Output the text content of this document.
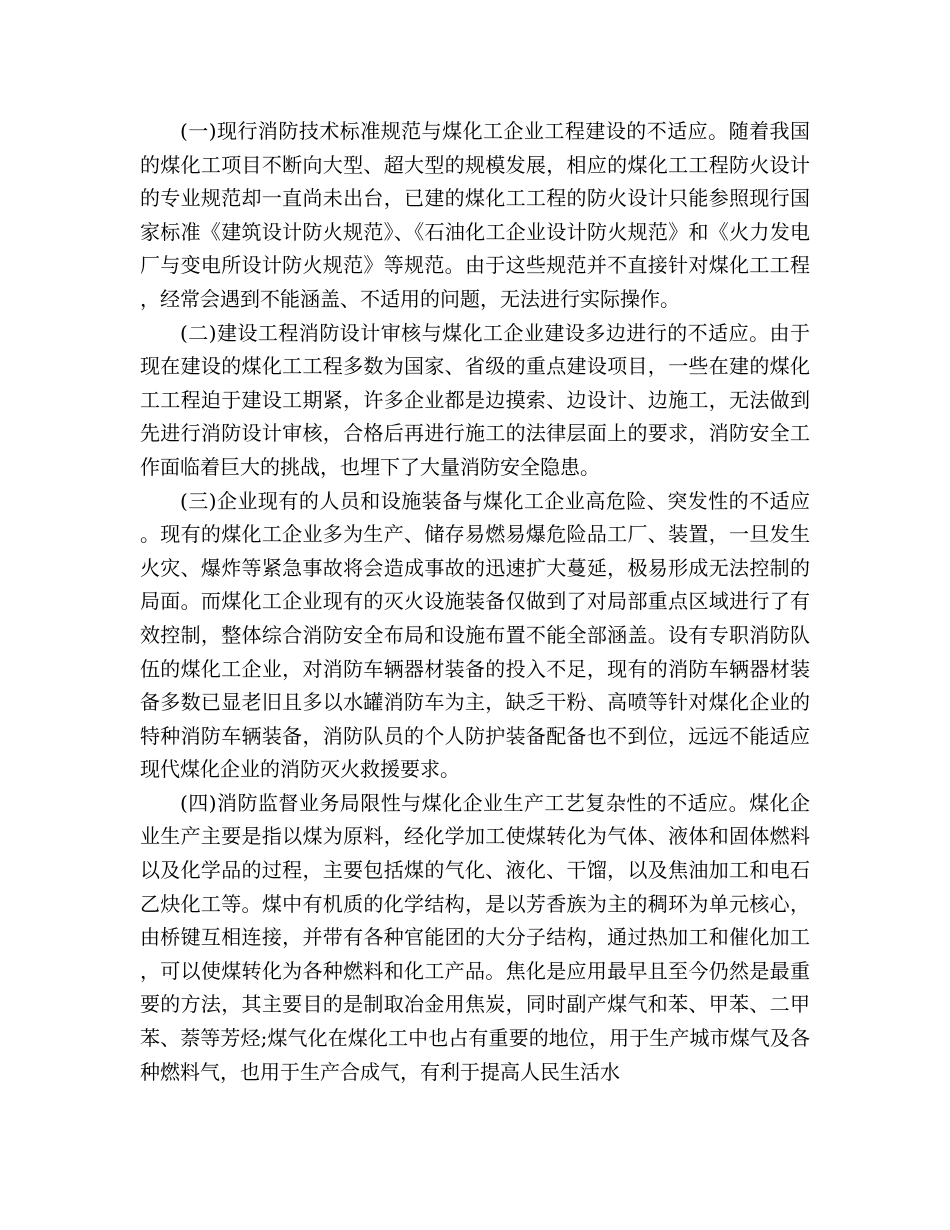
(一)现行消防技术标准规范与煤化工企业工程建设的不适应。随着我国的煤化工项目不断向大型、超大型的规模发展，相应的煤化工工程防火设计的专业规范却一直尚未出台，已建的煤化工工程的防火设计只能参照现行国家标准《建筑设计防火规范》、《石油化工企业设计防火规范》和《火力发电厂与变电所设计防火规范》等规范。由于这些规范并不直接针对煤化工工程，经常会遇到不能涵盖、不适用的问题，无法进行实际操作。

(二)建设工程消防设计审核与煤化工企业建设多边进行的不适应。由于现在建设的煤化工工程多数为国家、省级的重点建设项目，一些在建的煤化工工程迫于建设工期紧，许多企业都是边摸索、边设计、边施工，无法做到先进行消防设计审核，合格后再进行施工的法律层面上的要求，消防安全工作面临着巨大的挑战，也埋下了大量消防安全隐患。

(三)企业现有的人员和设施装备与煤化工企业高危险、突发性的不适应。现有的煤化工企业多为生产、储存易燃易爆危险品工厂、装置，一旦发生火灾、爆炸等紧急事故将会造成事故的迅速扩大蔓延，极易形成无法控制的局面。而煤化工企业现有的灭火设施装备仅做到了对局部重点区域进行了有效控制，整体综合消防安全布局和设施布置不能全部涵盖。设有专职消防队伍的煤化工企业，对消防车辆器材装备的投入不足，现有的消防车辆器材装备多数已显老旧且多以水罐消防车为主，缺乏干粉、高喷等针对煤化企业的特种消防车辆装备，消防队员的个人防护装备配备也不到位，远远不能适应现代煤化企业的消防灭火救援要求。

(四)消防监督业务局限性与煤化企业生产工艺复杂性的不适应。煤化企业生产主要是指以煤为原料，经化学加工使煤转化为气体、液体和固体燃料以及化学品的过程，主要包括煤的气化、液化、干馏，以及焦油加工和电石乙炔化工等。煤中有机质的化学结构，是以芳香族为主的稠环为单元核心，由桥键互相连接，并带有各种官能团的大分子结构，通过热加工和催化加工，可以使煤转化为各种燃料和化工产品。焦化是应用最早且至今仍然是最重要的方法，其主要目的是制取冶金用焦炭，同时副产煤气和苯、甲苯、二甲苯、萘等芳烃;煤气化在煤化工中也占有重要的地位，用于生产城市煤气及各种燃料气，也用于生产合成气，有利于提高人民生活水
